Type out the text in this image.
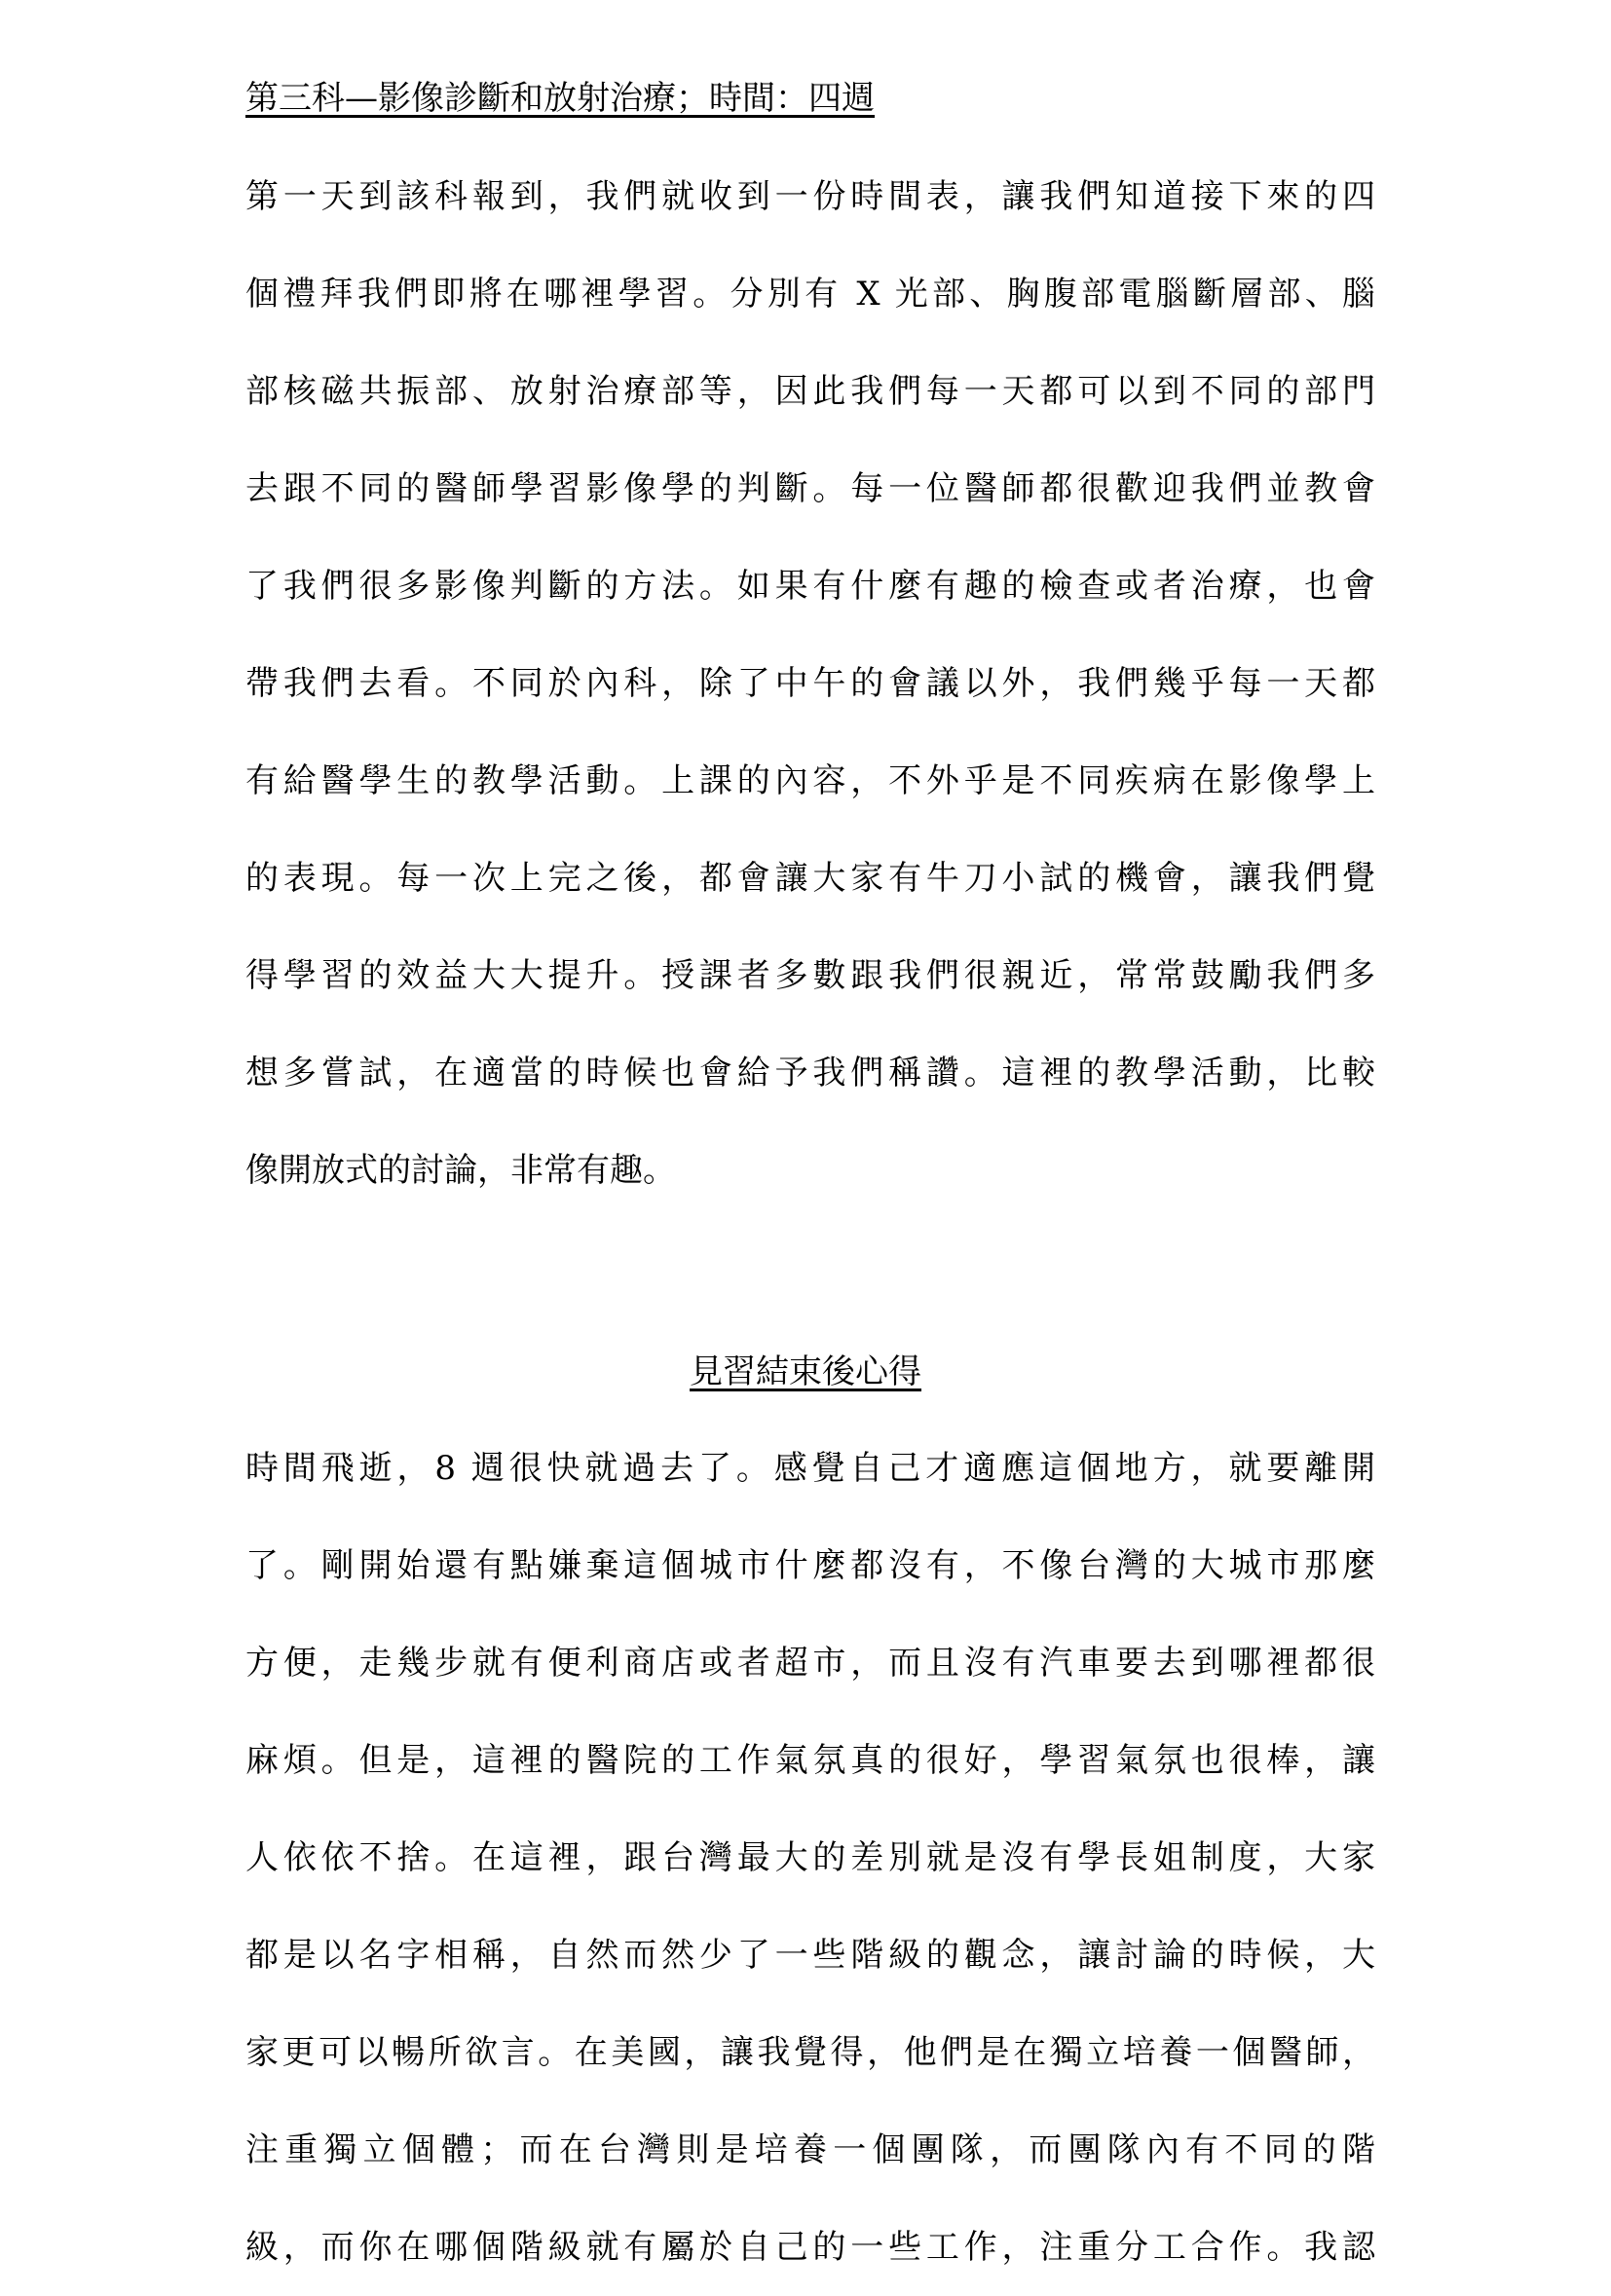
第三科—影像診斷和放射治療；時間：四週
第一天到該科報到，我們就收到一份時間表，讓我們知道接下來的四
個禮拜我們即將在哪裡學習。分別有 X 光部、胸腹部電腦斷層部、腦
部核磁共振部、放射治療部等，因此我們每一天都可以到不同的部門
去跟不同的醫師學習影像學的判斷。每一位醫師都很歡迎我們並教會
了我們很多影像判斷的方法。如果有什麼有趣的檢查或者治療，也會
帶我們去看。不同於內科，除了中午的會議以外，我們幾乎每一天都
有給醫學生的教學活動。上課的內容，不外乎是不同疾病在影像學上
的表現。每一次上完之後，都會讓大家有牛刀小試的機會，讓我們覺
得學習的效益大大提升。授課者多數跟我們很親近，常常鼓勵我們多
想多嘗試，在適當的時候也會給予我們稱讚。這裡的教學活動，比較
像開放式的討論，非常有趣。
見習結束後心得
時間飛逝，8 週很快就過去了。感覺自己才適應這個地方，就要離開
了。剛開始還有點嫌棄這個城市什麼都沒有，不像台灣的大城市那麼
方便，走幾步就有便利商店或者超市，而且沒有汽車要去到哪裡都很
麻煩。但是，這裡的醫院的工作氣氛真的很好，學習氣氛也很棒，讓
人依依不捨。在這裡，跟台灣最大的差別就是沒有學長姐制度，大家
都是以名字相稱，自然而然少了一些階級的觀念，讓討論的時候，大
家更可以暢所欲言。在美國，讓我覺得，他們是在獨立培養一個醫師，
注重獨立個體；而在台灣則是培養一個團隊，而團隊內有不同的階
級，而你在哪個階級就有屬於自己的一些工作，注重分工合作。我認
